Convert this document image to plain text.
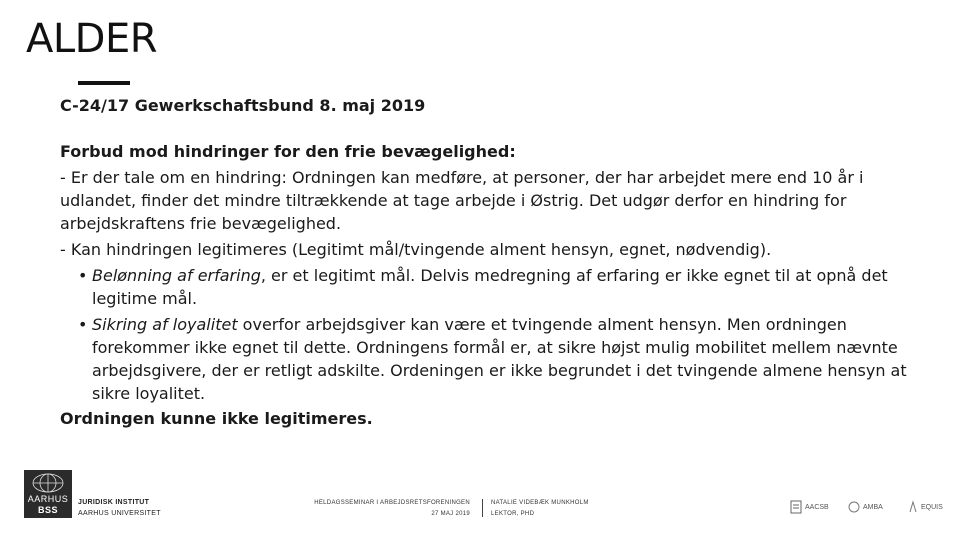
ALDER
C-24/17 Gewerkschaftsbund 8. maj 2019
Forbud mod hindringer for den frie bevægelighed:
- Er der tale om en hindring: Ordningen kan medføre, at personer, der har arbejdet mere end 10 år i udlandet, finder det mindre tiltrækkende at tage arbejde i Østrig. Det udgør derfor en hindring for arbejdskraftens frie bevægelighed.
- Kan hindringen legitimeres (Legitimt mål/tvingende alment hensyn, egnet, nødvendig).
• Belønning af erfaring, er et legitimt mål. Delvis medregning af erfaring er ikke egnet til at opnå det legitime mål.
• Sikring af loyalitet overfor arbejdsgiver kan være et tvingende alment hensyn. Men ordningen forekommer ikke egnet til dette. Ordningens formål er, at sikre højst mulig mobilitet mellem nævnte arbejdsgivere, der er retligt adskilte. Ordeningen er ikke begrundet i det tvingende almene hensyn at sikre loyalitet.
Ordningen kunne ikke legitimeres.
AARHUS
BSS
JURIDISK INSTITUT
AARHUS UNIVERSITET
HELDAGSSEMINAR I ARBEJDSRETSFORENINGEN
27 MAJ 2019
NATALIE VIDEBÆK MUNKHOLM
LEKTOR, PHD
AACSB	AMBA	EQUIS
